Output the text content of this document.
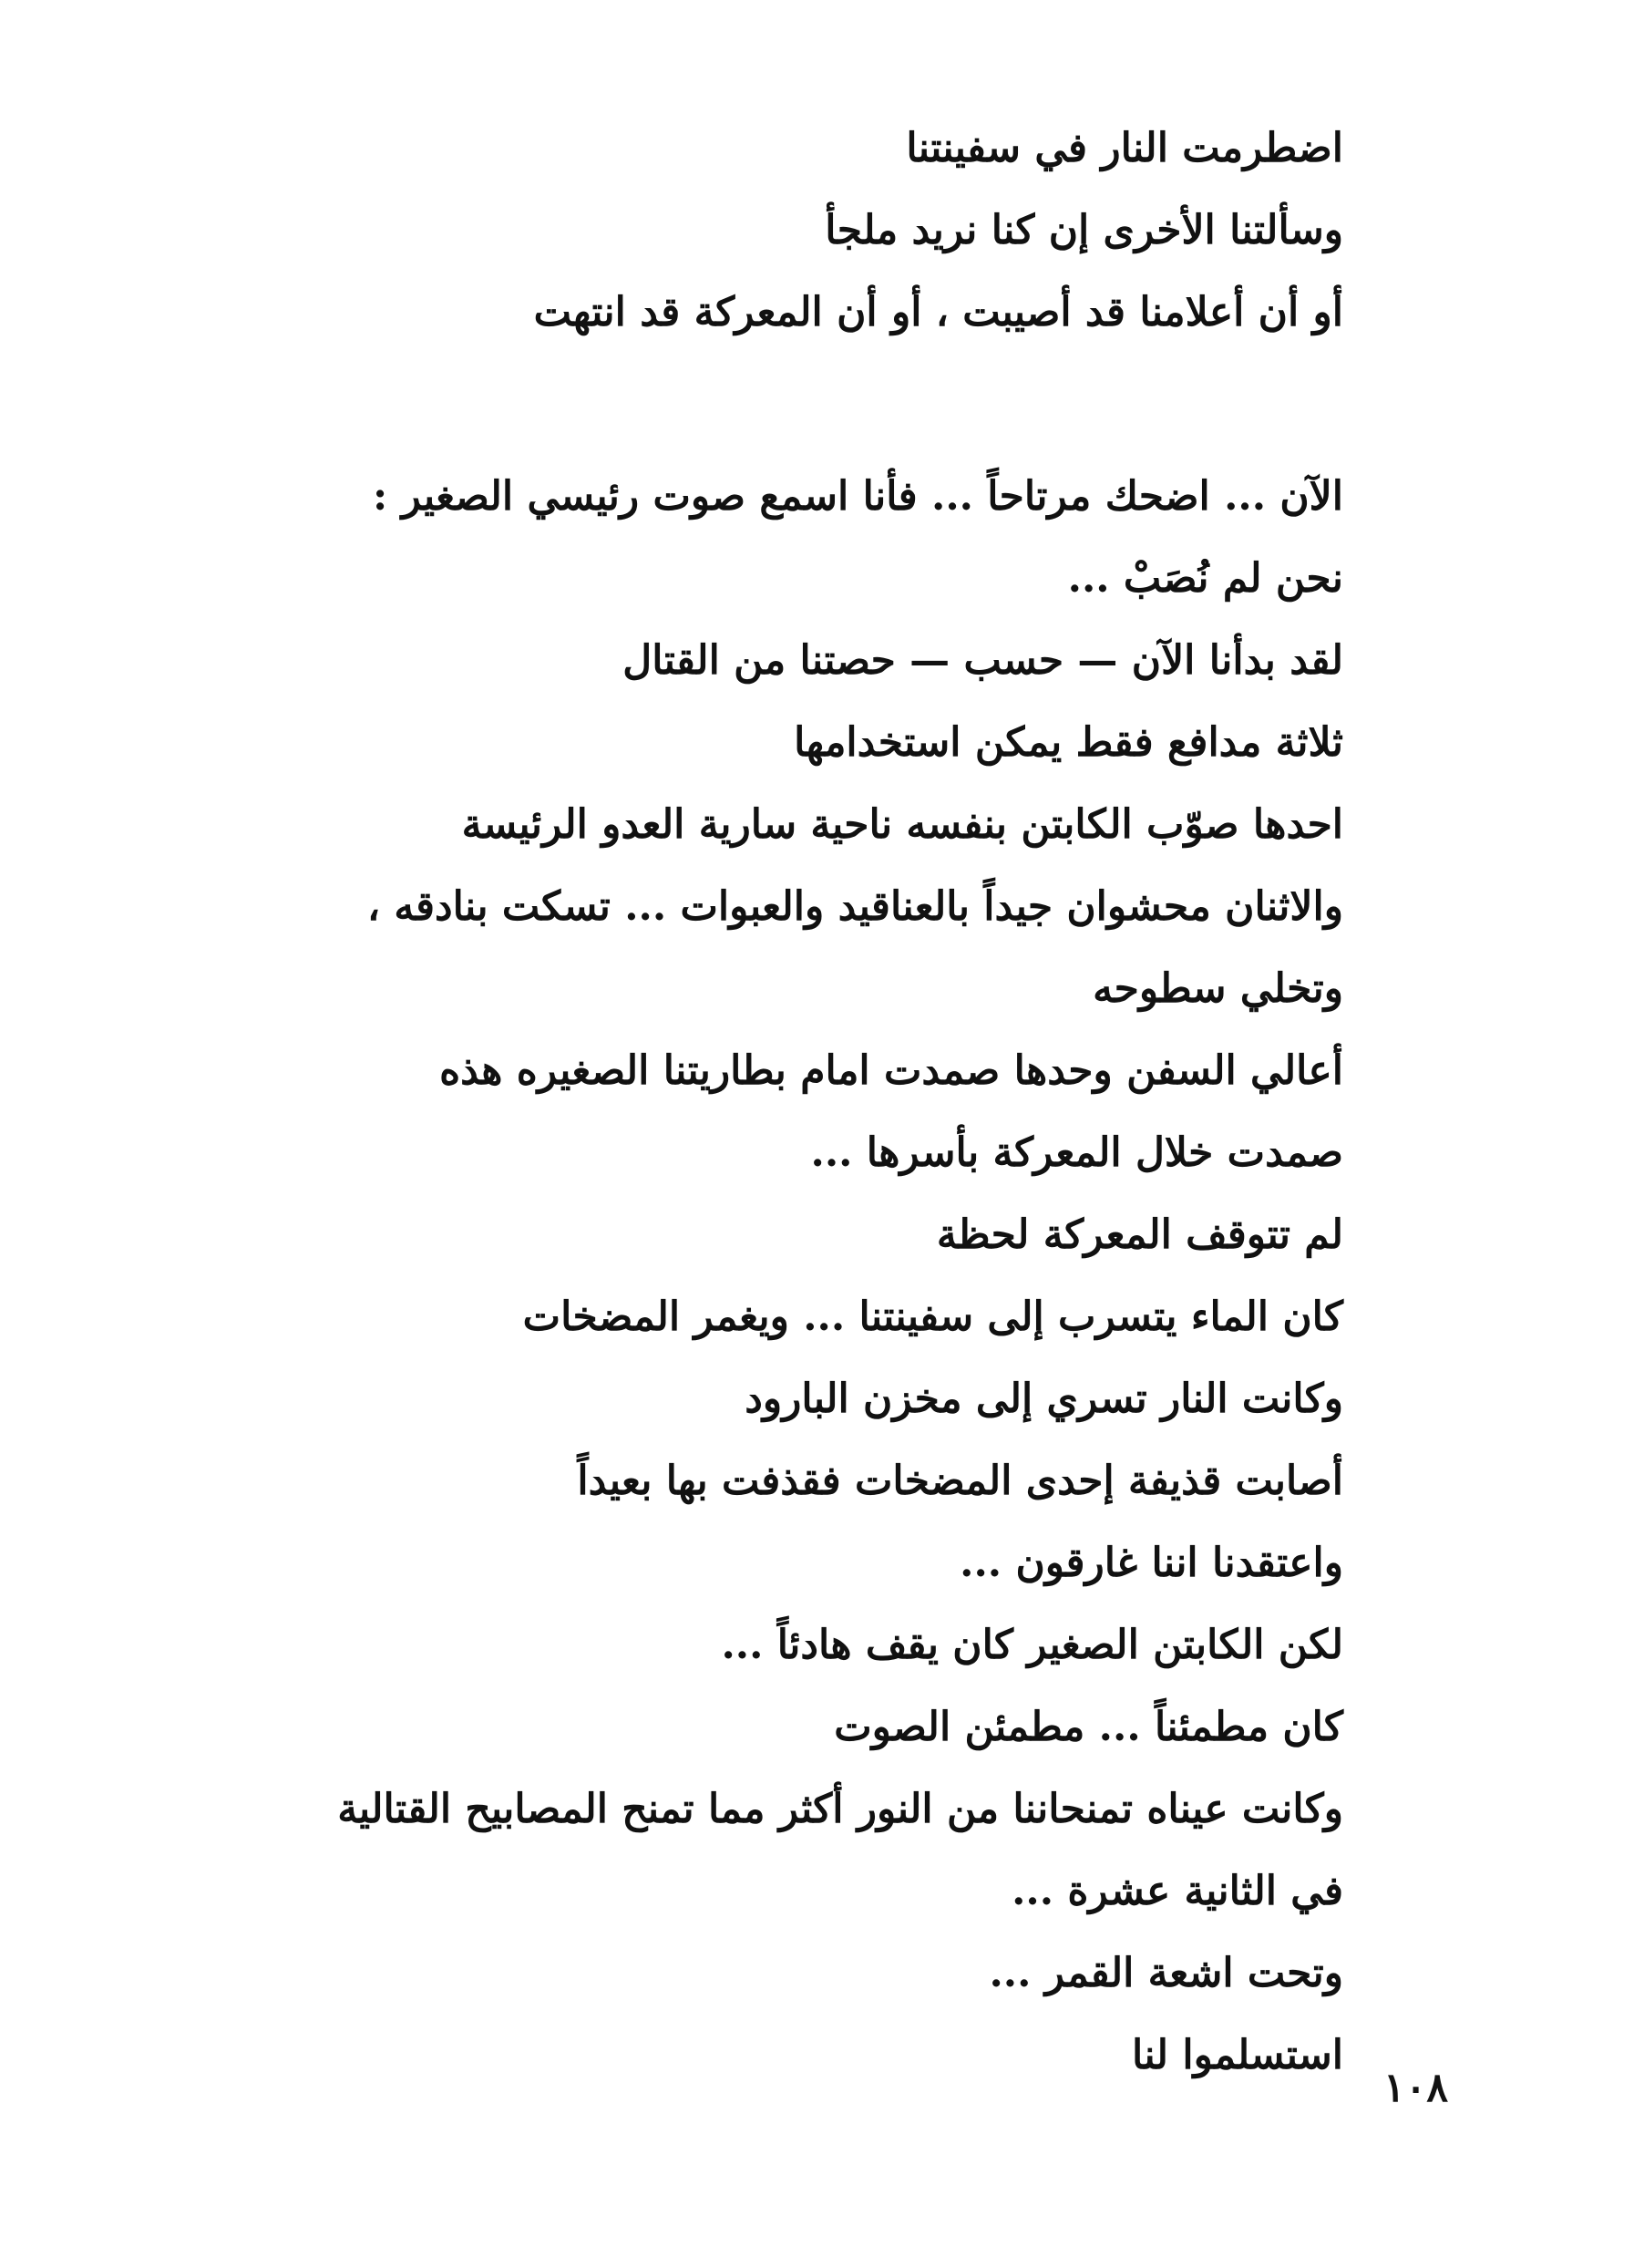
اضطرمت النار في سفينتنا
وسألتنا الأخرى إن كنا نريد ملجأ
أو أن أعلامنا قد أصيبت ، أو أن المعركة قد انتهت
الآن ... اضحك مرتاحاً ... فأنا اسمع صوت رئيسي الصغير :
نحن لم نُصَبْ ...
لقد بدأنا الآن — حسب — حصتنا من القتال
ثلاثة مدافع فقط يمكن استخدامها
احدها صوّب الكابتن بنفسه ناحية سارية العدو الرئيسة
والاثنان محشوان جيداً بالعناقيد والعبوات ... تسكت بنادقه ،
وتخلي سطوحه
أعالي السفن وحدها صمدت امام بطاريتنا الصغيره هذه
صمدت خلال المعركة بأسرها ...
لم تتوقف المعركة لحظة
كان الماء يتسرب إلى سفينتنا ... ويغمر المضخات
وكانت النار تسري إلى مخزن البارود
أصابت قذيفة إحدى المضخات فقذفت بها بعيداً
واعتقدنا اننا غارقون ...
لكن الكابتن الصغير كان يقف هادئاً ...
كان مطمئناً ... مطمئن الصوت
وكانت عيناه تمنحاننا من النور أكثر مما تمنح المصابيح القتالية
في الثانية عشرة ...
وتحت اشعة القمر ...
استسلموا لنا
١٠٨
